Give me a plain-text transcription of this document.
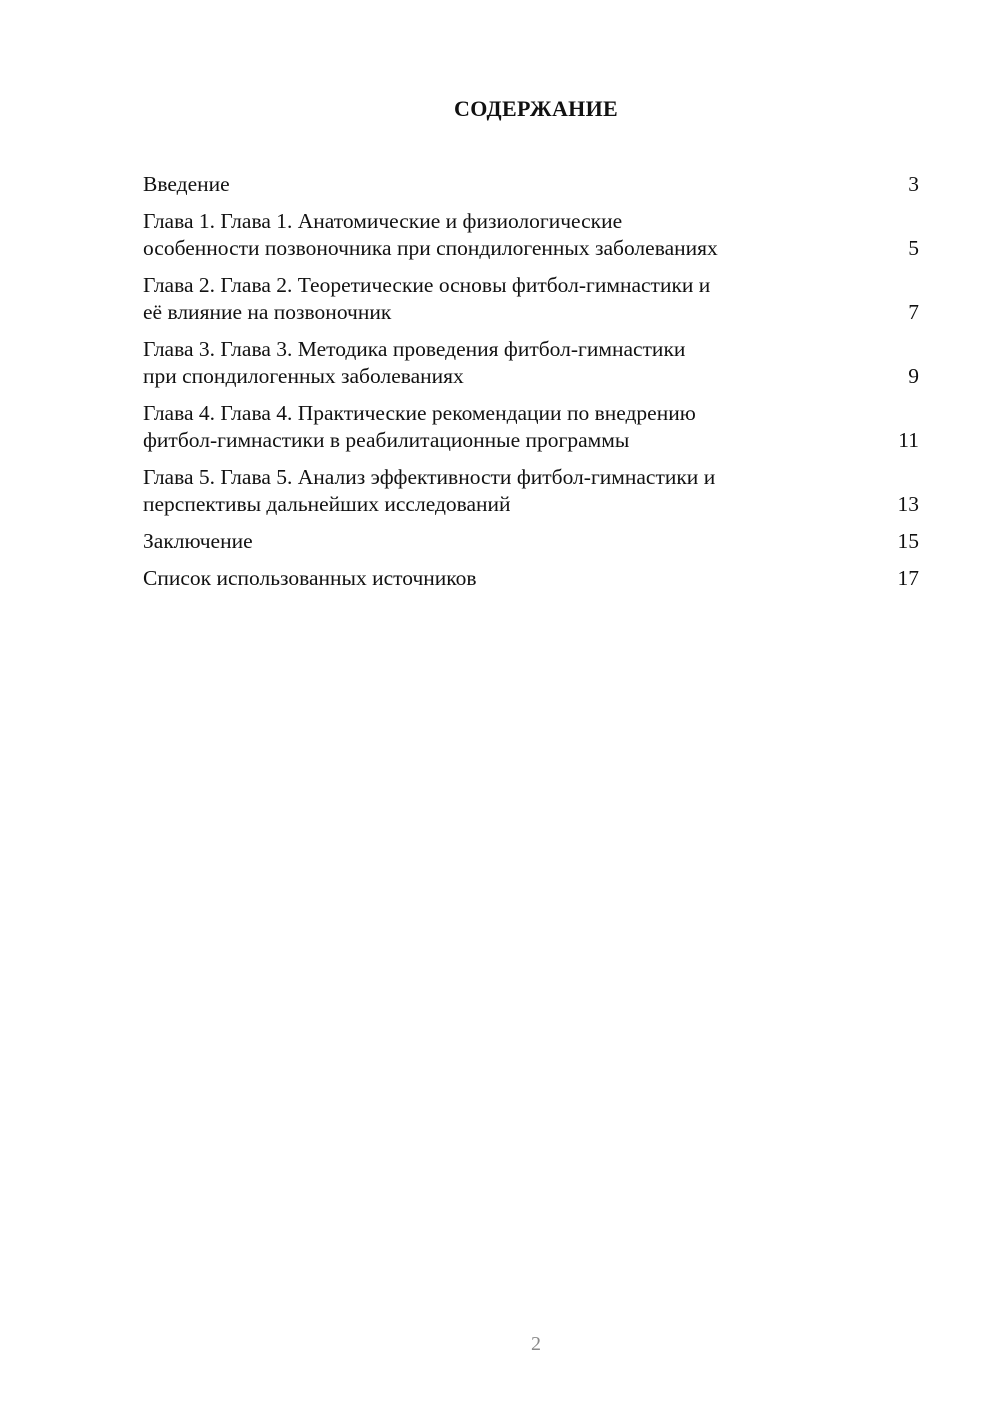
СОДЕРЖАНИЕ
Введение	3
Глава 1. Глава 1. Анатомические и физиологические
особенности позвоночника при спондилогенных заболеваниях	5
Глава 2. Глава 2. Теоретические основы фитбол-гимнастики и
её влияние на позвоночник	7
Глава 3. Глава 3. Методика проведения фитбол-гимнастики
при спондилогенных заболеваниях	9
Глава 4. Глава 4. Практические рекомендации по внедрению
фитбол-гимнастики в реабилитационные программы	11
Глава 5. Глава 5. Анализ эффективности фитбол-гимнастики и
перспективы дальнейших исследований	13
Заключение	15
Список использованных источников	17
2
